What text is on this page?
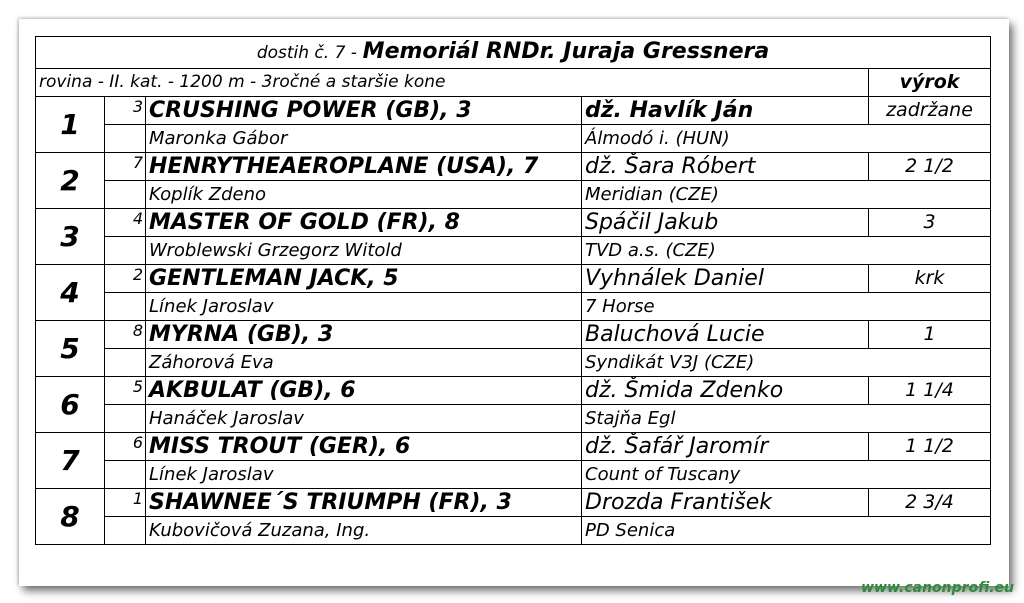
dostih č. 7 - Memoriál RNDr. Juraja Gressnera				
rovina - II. kat. - 1200 m - 3ročné a staršie kone				výrok
1	3	CRUSHING POWER (GB), 3	dž. Havlík Ján	zadržane
		Maronka Gábor	Álmodó i. (HUN)	
2	7	HENRYTHEAEROPLANE (USA), 7	dž. Šara Róbert	2 1/2
		Koplík Zdeno	Meridian (CZE)	
3	4	MASTER OF GOLD (FR), 8	Spáčil Jakub	3
		Wroblewski Grzegorz Witold	TVD a.s. (CZE)	
4	2	GENTLEMAN JACK, 5	Vyhnálek Daniel	krk
		Línek Jaroslav	7 Horse	
5	8	MYRNA (GB), 3	Baluchová Lucie	1
		Záhorová Eva	Syndikát V3J (CZE)	
6	5	AKBULAT (GB), 6	dž. Šmida Zdenko	1 1/4
		Hanáček Jaroslav	Stajňa Egl	
7	6	MISS TROUT (GER), 6	dž. Šafář Jaromír	1 1/2
		Línek Jaroslav	Count of Tuscany	
8	1	SHAWNEE´S TRIUMPH (FR), 3	Drozda František	2 3/4
		Kubovičová Zuzana, Ing.	PD Senica	
www.canonprofi.eu
